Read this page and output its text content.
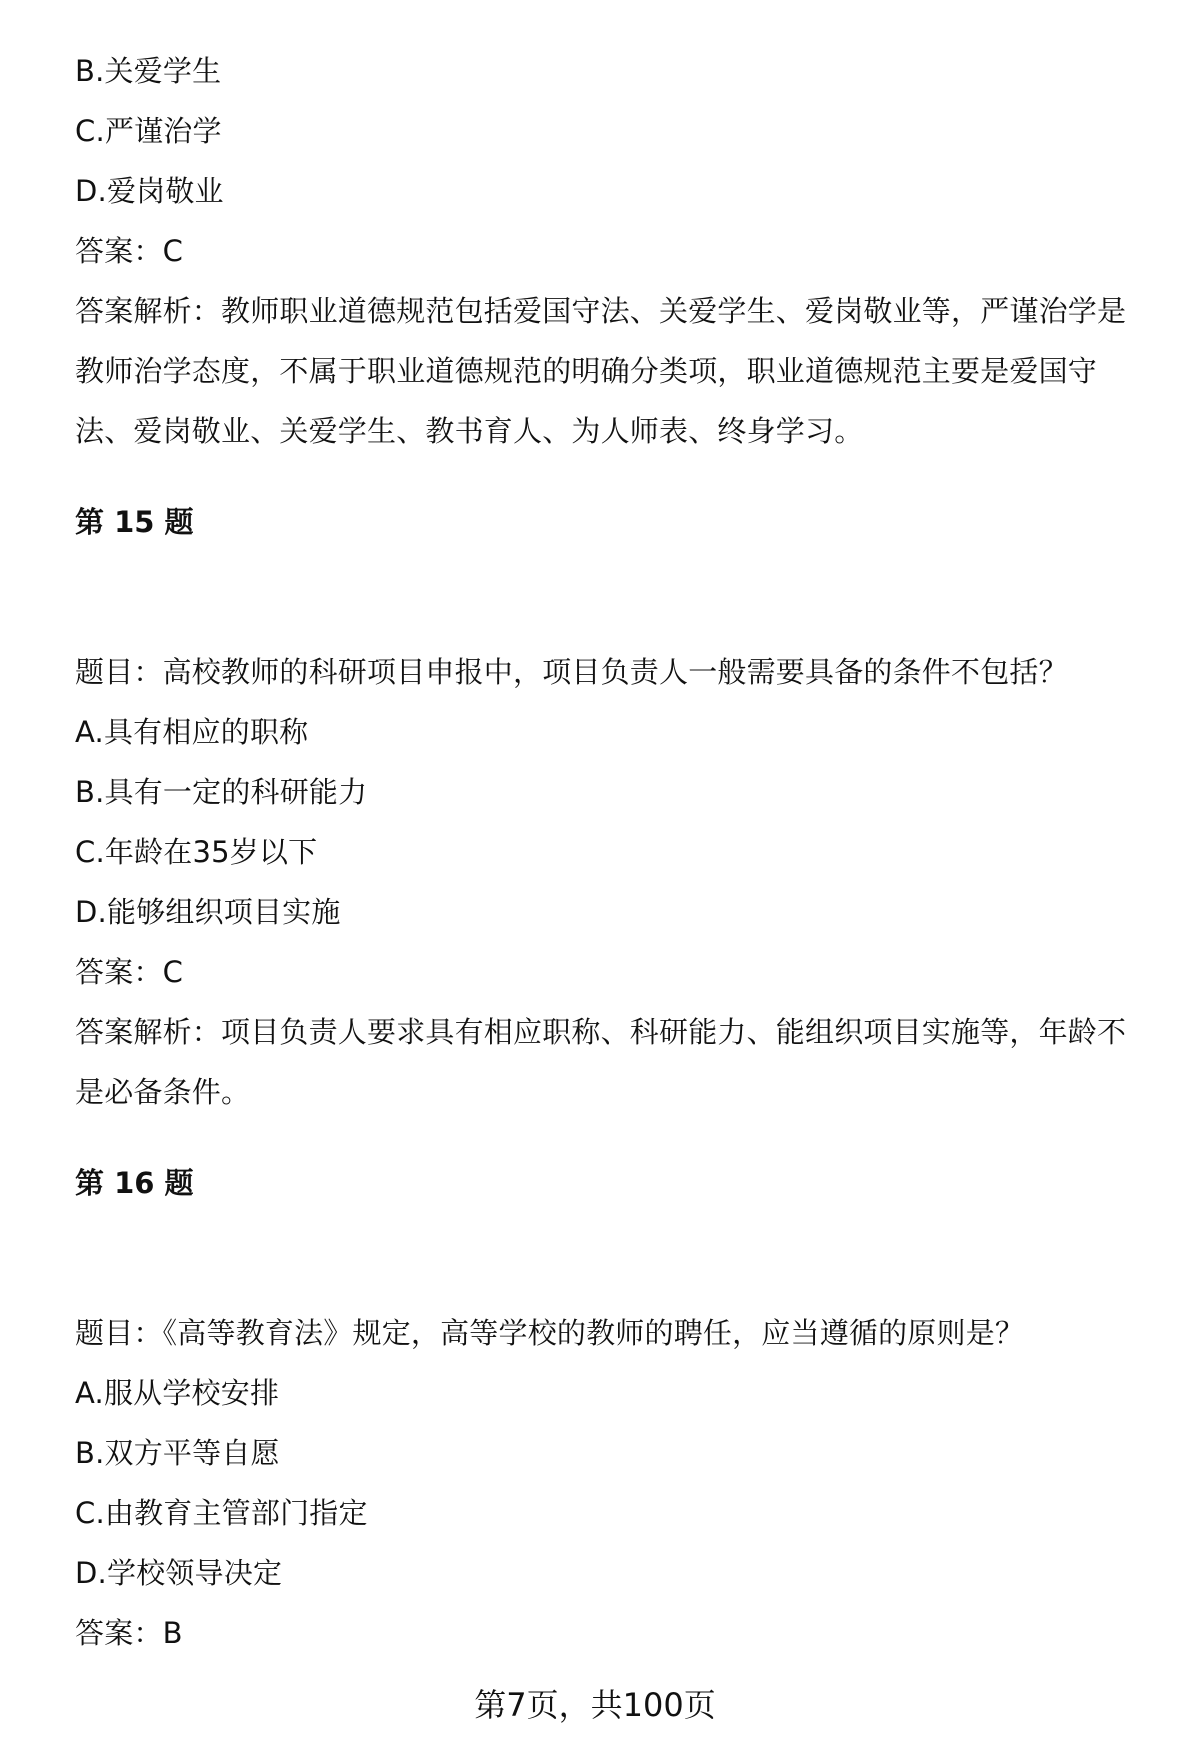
B.关爱学生
C.严谨治学
D.爱岗敬业
答案：C
答案解析：教师职业道德规范包括爱国守法、关爱学生、爱岗敬业等，严谨治学是
教师治学态度，不属于职业道德规范的明确分类项，职业道德规范主要是爱国守
法、爱岗敬业、关爱学生、教书育人、为人师表、终身学习。
第 15 题
题目：高校教师的科研项目申报中，项目负责人一般需要具备的条件不包括？
A.具有相应的职称
B.具有一定的科研能力
C.年龄在35岁以下
D.能够组织项目实施
答案：C
答案解析：项目负责人要求具有相应职称、科研能力、能组织项目实施等，年龄不
是必备条件。
第 16 题
题目：《高等教育法》规定，高等学校的教师的聘任，应当遵循的原则是？
A.服从学校安排
B.双方平等自愿
C.由教育主管部门指定
D.学校领导决定
答案：B
第7页，共100页
